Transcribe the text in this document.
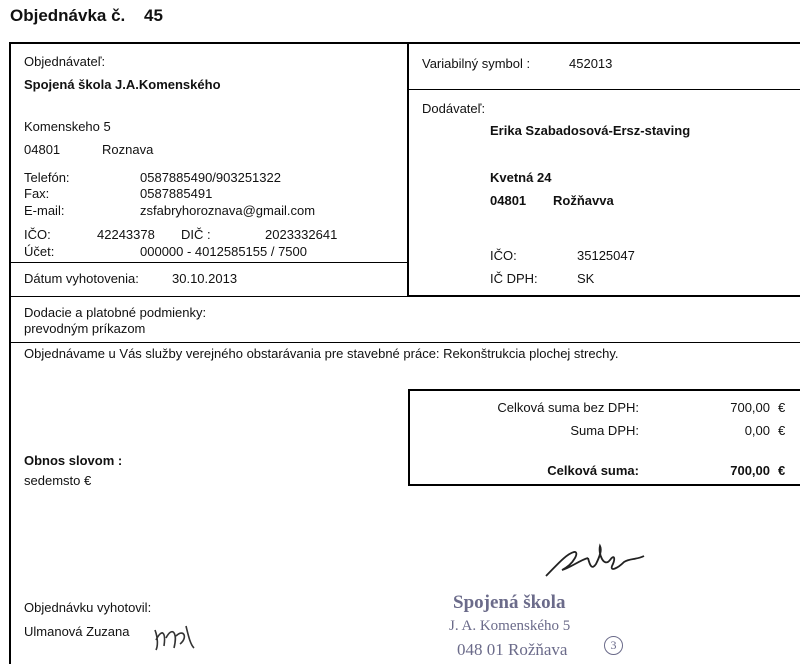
Objednávka č. 45
Objednávateľ:
Spojená škola J.A.Komenského
Komenskeho 5
04801	Roznava
Telefón:	0587885490/903251322
Fax:	0587885491
E-mail:	zsfabryhoroznava@gmail.com
IČO:	42243378 DIČ :	2023332641
Účet:	000000 - 4012585155 / 7500
Dátum vyhotovenia:	30.10.2013
Variabilný symbol :	452013
Dodávateľ:
Erika Szabadosová-Ersz-staving
Kvetná 24
04801 Rožňavva
IČO:	35125047
IČ DPH:	SK
Dodacie a platobné podmienky:
prevodným príkazom
Objednávame u Vás služby verejného obstarávania pre stavebné práce: Rekonštrukcia plochej strechy.
Celková suma bez DPH:	700,00 €
Suma DPH:	0,00 €
Celková suma:	700,00 €
Obnos slovom :
sedemsto €
Objednávku vyhotovil:
Ulmanová Zuzana
Spojená škola
J. A. Komenského 5
048 01 Rožňava	3
